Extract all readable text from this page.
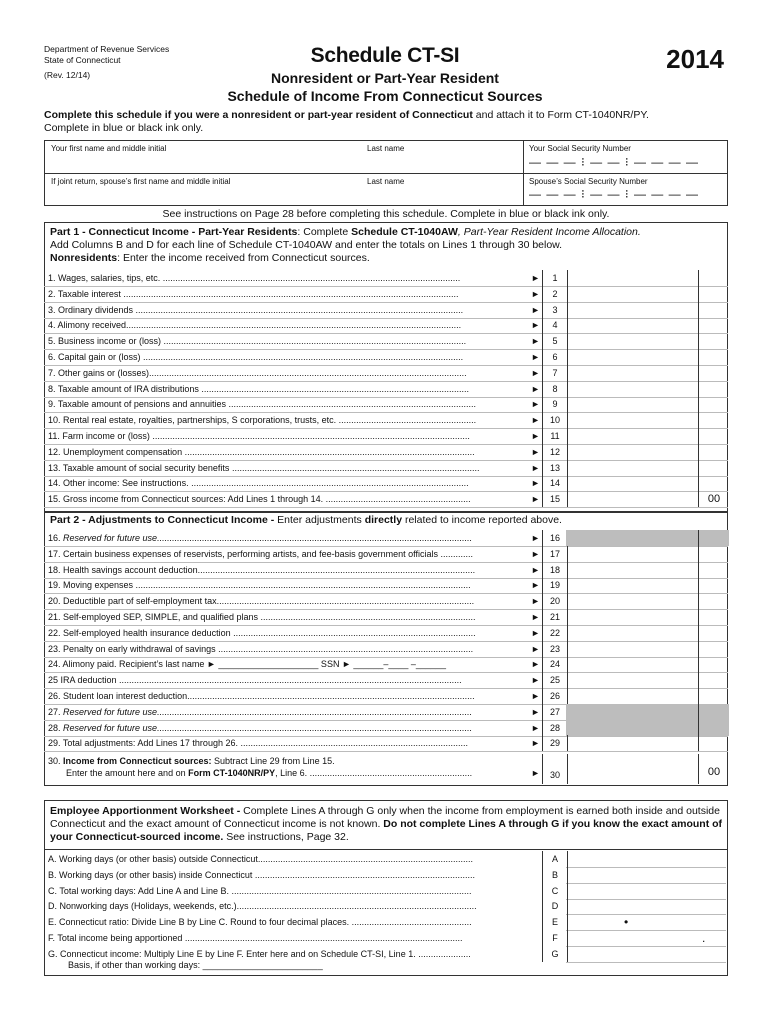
Department of Revenue Services
State of Connecticut
(Rev. 12/14)
Schedule CT-SI
Nonresident or Part-Year Resident
Schedule of Income From Connecticut Sources
2014
Complete this schedule if you were a nonresident or part-year resident of Connecticut and attach it to Form CT-1040NR/PY.
Complete in blue or black ink only.
Your first name and middle initial	Last name	Your Social Security Number
— — — ⁝ — — ⁝ — — — —
If joint return, spouse’s first name and middle initial	Last name	Spouse’s Social Security Number
— — — ⁝ — — ⁝ — — — —
See instructions on Page 28 before completing this schedule. Complete in blue or black ink only.
Part 1 - Connecticut Income - Part-Year Residents: Complete Schedule CT-1040AW, Part-Year Resident Income Allocation.
Add Columns B and D for each line of Schedule CT-1040AW and enter the totals on Lines 1 through 30 below.
Nonresidents: Enter the income received from Connecticut sources.
1. Wages, salaries, tips, etc. .......................................................................................................................	►	1
2. Taxable interest ......................................................................................................................................	►	2
3. Ordinary dividends ...................................................................................................................................	►	3
4. Alimony received......................................................................................................................................	►	4
5. Business income or (loss) .........................................................................................................................	►	5
6. Capital gain or (loss) ................................................................................................................................	►	6
7. Other gains or (losses)...............................................................................................................................	►	7
8. Taxable amount of IRA distributions ...........................................................................................................	►	8
9. Taxable amount of pensions and annuities ...................................................................................................	►	9
10. Rental real estate, royalties, partnerships, S corporations, trusts, etc. .......................................................	►	10
11. Farm income or (loss) ...............................................................................................................................	►	11
12. Unemployment compensation ....................................................................................................................	►	12
13. Taxable amount of social security benefits ...................................................................................................	►	13
14. Other income: See instructions. ...............................................................................................................	►	14
15. Gross income from Connecticut sources: Add Lines 1 through 14. ..........................................................	►	15	00
Part 2 - Adjustments to Connecticut Income - Enter adjustments directly related to income reported above.
16. Reserved for future use..............................................................................................................................	►	16
17. Certain business expenses of reservists, performing artists, and fee-basis government officials .............	►	17
18. Health savings account deduction...............................................................................................................	►	18
19. Moving expenses ......................................................................................................................................	►	19
20. Deductible part of self-employment tax.......................................................................................................	►	20
21. Self-employed SEP, SIMPLE, and qualified plans ......................................................................................	►	21
22. Self-employed health insurance deduction .................................................................................................	►	22
23. Penalty on early withdrawal of savings ......................................................................................................	►	23
24. Alimony paid. Recipient’s last name ► ____________________ SSN ► ______–____ –______	►	24
25 IRA deduction .........................................................................................................................................	►	25
26. Student loan interest deduction...................................................................................................................	►	26
27. Reserved for future use..............................................................................................................................	►	27
28. Reserved for future use..............................................................................................................................	►	28
29. Total adjustments: Add Lines 17 through 26. ...........................................................................................	►	29
30. Income from Connecticut sources: Subtract Line 29 from Line 15.
Enter the amount here and on Form CT-1040NR/PY, Line 6. .................................................................	►	30	00
Employee Apportionment Worksheet - Complete Lines A through G only when the income from employment is earned both inside and outside Connecticut and the exact amount of Connecticut income is not known. Do not complete Lines A through G if you know the exact amount of your Connecticut-sourced income. See instructions, Page 32.
A. Working days (or other basis) outside Connecticut......................................................................................	A
B. Working days (or other basis) inside Connecticut ........................................................................................	B
C. Total working days: Add Line A and Line B. ................................................................................................	C
D. Nonworking days (Holidays, weekends, etc.)................................................................................................	D
E. Connecticut ratio: Divide Line B by Line C. Round to four decimal places. ................................................	E	•
F. Total income being apportioned ...............................................................................................................	F	.
G. Connecticut income: Multiply Line E by Line F. Enter here and on Schedule CT-SI, Line 1. .....................	G
Basis, if other than working days: ________________________
